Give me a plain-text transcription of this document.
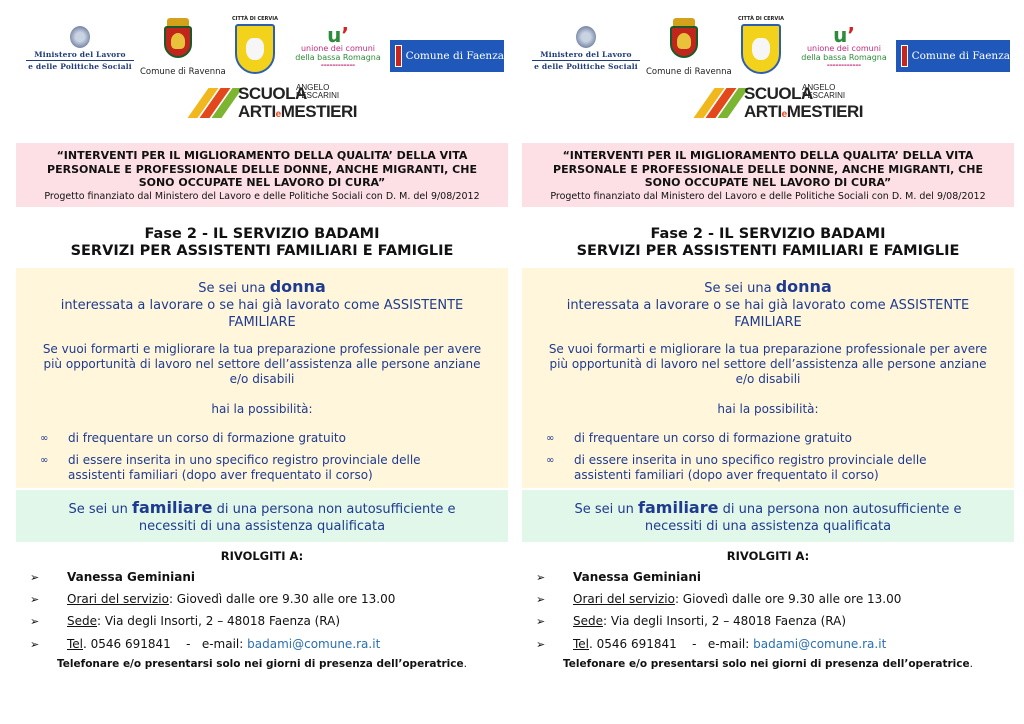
Ministero del Lavoro
e delle Politiche Sociali
Comune di Ravenna
CITTÀ DI CERVIA
u’
unione dei comuni
della bassa Romagna
▬▬▬▬▬▬▬▬▬▬▬▬
Comune di Faenza
SCUOLA
ANGELO
PESCARINI
ARTIeMESTIERI
“INTERVENTI PER IL MIGLIORAMENTO DELLA QUALITA’ DELLA VITA
PERSONALE E PROFESSIONALE DELLE DONNE, ANCHE MIGRANTI, CHE
SONO OCCUPATE NEL LAVORO DI CURA”
Progetto finanziato dal Ministero del Lavoro e delle Politiche Sociali con D. M. del 9/08/2012
Fase 2 - IL SERVIZIO BADAMI
SERVIZI PER ASSISTENTI FAMILIARI E FAMIGLIE
Se sei una donna
interessata a lavorare o se hai già lavorato come ASSISTENTE
FAMILIARE
Se vuoi formarti e migliorare la tua preparazione professionale per avere
più opportunità di lavoro nel settore dell’assistenza alle persone anziane
e/o disabili
hai la possibilità:
∞	di frequentare un corso di formazione gratuito
∞	di essere inserita in uno specifico registro provinciale delle
assistenti familiari (dopo aver frequentato il corso)
Se sei un familiare di una persona non autosufficiente e
necessiti di una assistenza qualificata
RIVOLGITI A:
➢ Vanessa Geminiani
➢ Orari del servizio: Giovedì dalle ore 9.30 alle ore 13.00
➢ Sede: Via degli Insorti, 2 – 48018 Faenza (RA)
➢ Tel. 0546 691841    -   e-mail: badami@comune.ra.it
Telefonare e/o presentarsi solo nei giorni di presenza dell’operatrice.
Ministero del Lavoro
e delle Politiche Sociali
Comune di Ravenna
CITTÀ DI CERVIA
u’
unione dei comuni
della bassa Romagna
▬▬▬▬▬▬▬▬▬▬▬▬
Comune di Faenza
SCUOLA
ANGELO
PESCARINI
ARTIeMESTIERI
“INTERVENTI PER IL MIGLIORAMENTO DELLA QUALITA’ DELLA VITA
PERSONALE E PROFESSIONALE DELLE DONNE, ANCHE MIGRANTI, CHE
SONO OCCUPATE NEL LAVORO DI CURA”
Progetto finanziato dal Ministero del Lavoro e delle Politiche Sociali con D. M. del 9/08/2012
Fase 2 - IL SERVIZIO BADAMI
SERVIZI PER ASSISTENTI FAMILIARI E FAMIGLIE
Se sei una donna
interessata a lavorare o se hai già lavorato come ASSISTENTE
FAMILIARE
Se vuoi formarti e migliorare la tua preparazione professionale per avere
più opportunità di lavoro nel settore dell’assistenza alle persone anziane
e/o disabili
hai la possibilità:
∞	di frequentare un corso di formazione gratuito
∞	di essere inserita in uno specifico registro provinciale delle
assistenti familiari (dopo aver frequentato il corso)
Se sei un familiare di una persona non autosufficiente e
necessiti di una assistenza qualificata
RIVOLGITI A:
➢ Vanessa Geminiani
➢ Orari del servizio: Giovedì dalle ore 9.30 alle ore 13.00
➢ Sede: Via degli Insorti, 2 – 48018 Faenza (RA)
➢ Tel. 0546 691841    -   e-mail: badami@comune.ra.it
Telefonare e/o presentarsi solo nei giorni di presenza dell’operatrice.
